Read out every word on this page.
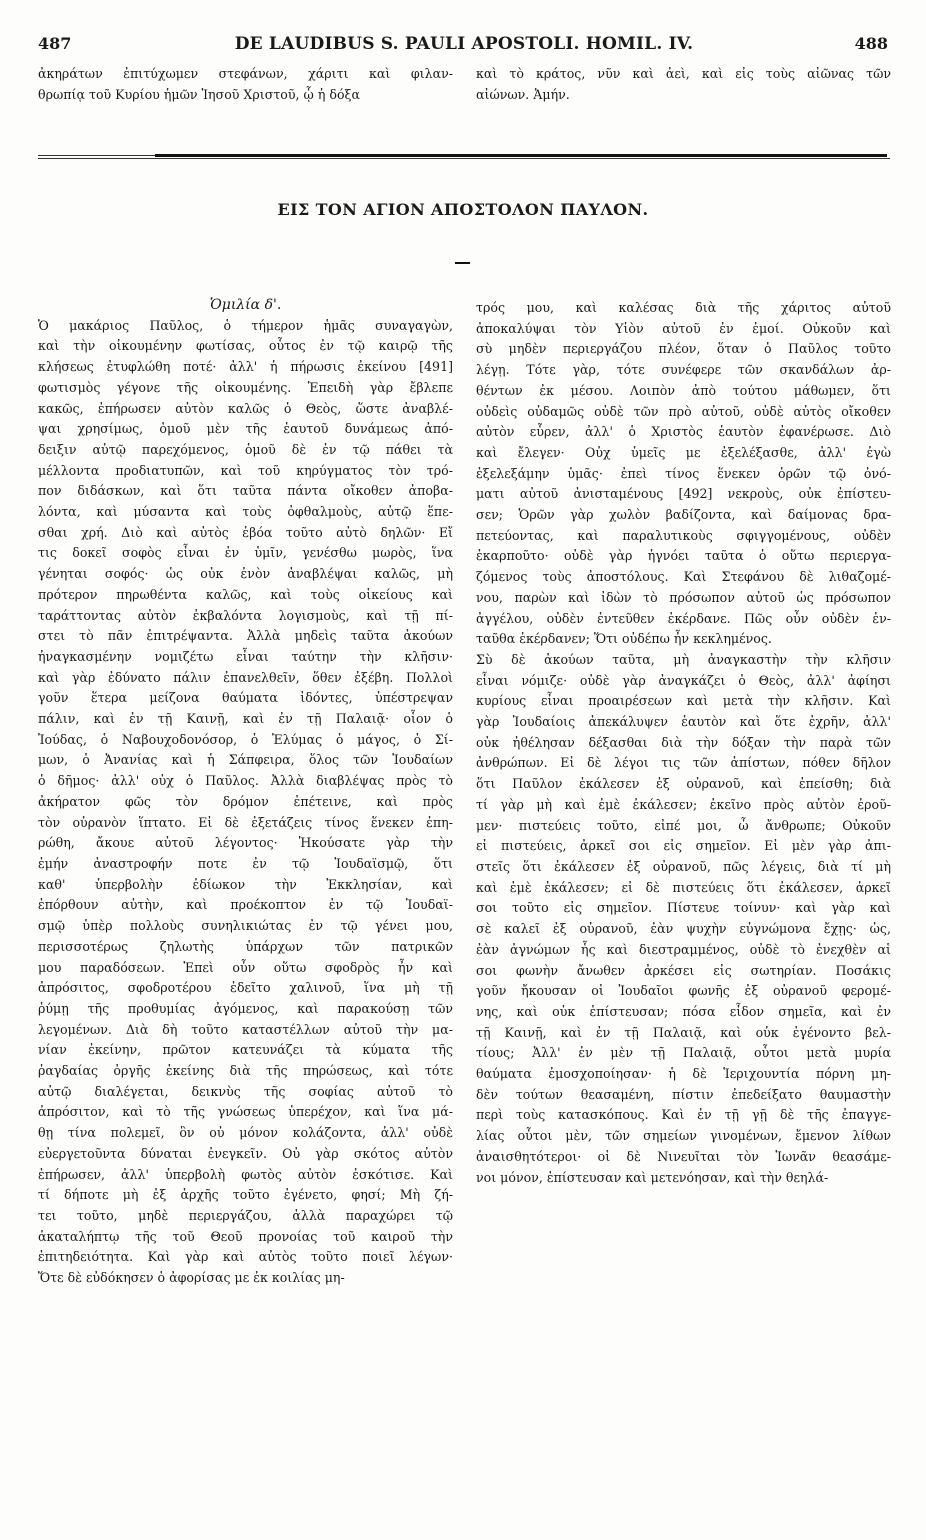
487	DE LAUDIBUS S. PAULI APOSTOLI. HOMIL. IV.	488
ἀκηράτων ἐπιτύχωμεν στεφάνων, χάριτι καὶ φιλαν-
θρωπίᾳ τοῦ Κυρίου ἡμῶν Ἰησοῦ Χριστοῦ, ᾧ ἡ δόξα
καὶ τὸ κράτος, νῦν καὶ ἀεὶ, καὶ εἰς τοὺς αἰῶνας τῶν
αἰώνων. Ἀμήν.
ΕΙΣ ΤΟΝ ΑΓΙΟΝ ΑΠΟΣΤΟΛΟΝ ΠΑΥΛΟΝ.
Ὁμιλία δ'.
Ὁ μακάριος Παῦλος, ὁ τήμερον ἡμᾶς συναγαγὼν,
καὶ τὴν οἰκουμένην φωτίσας, οὗτος ἐν τῷ καιρῷ τῆς
κλήσεως ἐτυφλώθη ποτέ· ἀλλ' ἡ πήρωσις ἐκείνου [491]
φωτισμὸς γέγονε τῆς οἰκουμένης. Ἐπειδὴ γὰρ ἔβλεπε
κακῶς, ἐπήρωσεν αὐτὸν καλῶς ὁ Θεὸς, ὥστε ἀναβλέ-
ψαι χρησίμως, ὁμοῦ μὲν τῆς ἑαυτοῦ δυνάμεως ἀπό-
δειξιν αὐτῷ παρεχόμενος, ὁμοῦ δὲ ἐν τῷ πάθει τὰ
μέλλοντα προδιατυπῶν, καὶ τοῦ κηρύγματος τὸν τρό-
πον διδάσκων, καὶ ὅτι ταῦτα πάντα οἴκοθεν ἀποβα-
λόντα, καὶ μύσαντα καὶ τοὺς ὀφθαλμοὺς, αὐτῷ ἕπε-
σθαι χρή. Διὸ καὶ αὐτὸς ἐβόα τοῦτο αὐτὸ δηλῶν· Εἴ
τις δοκεῖ σοφὸς εἶναι ἐν ὑμῖν, γενέσθω μωρὸς, ἵνα
γένηται σοφός· ὡς οὐκ ἐνὸν ἀναβλέψαι καλῶς, μὴ
πρότερον πηρωθέντα καλῶς, καὶ τοὺς οἰκείους καὶ
ταράττοντας αὐτὸν ἐκβαλόντα λογισμοὺς, καὶ τῇ πί-
στει τὸ πᾶν ἐπιτρέψαντα. Ἀλλὰ μηδεὶς ταῦτα ἀκούων
ἠναγκασμένην νομιζέτω εἶναι ταύτην τὴν κλῆσιν·
καὶ γὰρ ἐδύνατο πάλιν ἐπανελθεῖν, ὅθεν ἐξέβη. Πολλοὶ
γοῦν ἕτερα μείζονα θαύματα ἰδόντες, ὑπέστρεψαν
πάλιν, καὶ ἐν τῇ Καινῇ, καὶ ἐν τῇ Παλαιᾷ· οἷον ὁ
Ἰούδας, ὁ Ναβουχοδονόσορ, ὁ Ἐλύμας ὁ μάγος, ὁ Σί-
μων, ὁ Ἀνανίας καὶ ἡ Σάπφειρα, ὅλος τῶν Ἰουδαίων
ὁ δῆμος· ἀλλ' οὐχ ὁ Παῦλος. Ἀλλὰ διαβλέψας πρὸς τὸ
ἀκήρατον φῶς τὸν δρόμον ἐπέτεινε, καὶ πρὸς
τὸν οὐρανὸν ἵπτατο. Εἰ δὲ ἐξετάζεις τίνος ἕνεκεν ἐπη-
ρώθη, ἄκουε αὐτοῦ λέγοντος· Ἠκούσατε γὰρ τὴν
ἐμήν ἀναστροφήν ποτε ἐν τῷ Ἰουδαϊσμῷ, ὅτι
καθ' ὑπερβολὴν ἐδίωκον τὴν Ἐκκλησίαν, καὶ
ἐπόρθουν αὐτὴν, καὶ προέκοπτον ἐν τῷ Ἰουδαϊ-
σμῷ ὑπὲρ πολλοὺς συνηλικιώτας ἐν τῷ γένει μου,
περισσοτέρως ζηλωτὴς ὑπάρχων τῶν πατρικῶν
μου παραδόσεων. Ἐπεὶ οὖν οὕτω σφοδρὸς ἦν καὶ
ἀπρόσιτος, σφοδροτέρου ἐδεῖτο χαλινοῦ, ἵνα μὴ τῇ
ῥύμῃ τῆς προθυμίας ἀγόμενος, καὶ παρακούσῃ τῶν
λεγομένων. Διὰ δὴ τοῦτο καταστέλλων αὐτοῦ τὴν μα-
νίαν ἐκείνην, πρῶτον κατευνάζει τὰ κύματα τῆς
ῥαγδαίας ὀργῆς ἐκείνης διὰ τῆς πηρώσεως, καὶ τότε
αὐτῷ διαλέγεται, δεικνὺς τῆς σοφίας αὐτοῦ τὸ
ἀπρόσιτον, καὶ τὸ τῆς γνώσεως ὑπερέχον, καὶ ἵνα μά-
θῃ τίνα πολεμεῖ, ὃν οὐ μόνον κολάζοντα, ἀλλ' οὐδὲ
εὐεργετοῦντα δύναται ἐνεγκεῖν. Οὐ γὰρ σκότος αὐτὸν
ἐπήρωσεν, ἀλλ' ὑπερβολὴ φωτὸς αὐτὸν ἐσκότισε. Καὶ
τί δήποτε μὴ ἐξ ἀρχῆς τοῦτο ἐγένετο, φησί; Μὴ ζή-
τει τοῦτο, μηδὲ περιεργάζου, ἀλλὰ παραχώρει τῷ
ἀκαταλήπτῳ τῆς τοῦ Θεοῦ προνοίας τοῦ καιροῦ τὴν
ἐπιτηδειότητα. Καὶ γὰρ καὶ αὐτὸς τοῦτο ποιεῖ λέγων·
Ὅτε δὲ εὐδόκησεν ὁ ἀφορίσας με ἐκ κοιλίας μη-
τρός μου, καὶ καλέσας διὰ τῆς χάριτος αὐτοῦ
ἀποκαλύψαι τὸν Υἱὸν αὐτοῦ ἐν ἐμοί. Οὐκοῦν καὶ
σὺ μηδὲν περιεργάζου πλέον, ὅταν ὁ Παῦλος τοῦτο
λέγῃ. Τότε γὰρ, τότε συνέφερε τῶν σκανδάλων ἀρ-
θέντων ἐκ μέσου. Λοιπὸν ἀπὸ τούτου μάθωμεν, ὅτι
οὐδεὶς οὐδαμῶς οὐδὲ τῶν πρὸ αὐτοῦ, οὐδὲ αὐτὸς οἴκοθεν
αὐτὸν εὗρεν, ἀλλ' ὁ Χριστὸς ἑαυτὸν ἐφανέρωσε. Διὸ
καὶ ἔλεγεν· Οὐχ ὑμεῖς με ἐξελέξασθε, ἀλλ' ἐγὼ
ἐξελεξάμην ὑμᾶς· ἐπεὶ τίνος ἕνεκεν ὁρῶν τῷ ὀνό-
ματι αὐτοῦ ἀνισταμένους [492] νεκροὺς, οὐκ ἐπίστευ-
σεν; Ὁρῶν γὰρ χωλὸν βαδίζοντα, καὶ δαίμονας δρα-
πετεύοντας, καὶ παραλυτικοὺς σφιγγομένους, οὐδὲν
ἐκαρποῦτο· οὐδὲ γὰρ ἠγνόει ταῦτα ὁ οὕτω περιεργα-
ζόμενος τοὺς ἀποστόλους. Καὶ Στεφάνου δὲ λιθαζομέ-
νου, παρὼν καὶ ἰδὼν τὸ πρόσωπον αὐτοῦ ὡς πρόσωπον
ἀγγέλου, οὐδὲν ἐντεῦθεν ἐκέρδανε. Πῶς οὖν οὐδὲν ἐν-
ταῦθα ἐκέρδανεν; Ὅτι οὐδέπω ἦν κεκλημένος.
Σὺ δὲ ἀκούων ταῦτα, μὴ ἀναγκαστὴν τὴν κλῆσιν
εἶναι νόμιζε· οὐδὲ γὰρ ἀναγκάζει ὁ Θεὸς, ἀλλ' ἀφίησι
κυρίους εἶναι προαιρέσεων καὶ μετὰ τὴν κλῆσιν. Καὶ
γὰρ Ἰουδαίοις ἀπεκάλυψεν ἑαυτὸν καὶ ὅτε ἐχρῆν, ἀλλ'
οὐκ ἠθέλησαν δέξασθαι διὰ τὴν δόξαν τὴν παρὰ τῶν
ἀνθρώπων. Εἰ δὲ λέγοι τις τῶν ἀπίστων, πόθεν δῆλον
ὅτι Παῦλον ἐκάλεσεν ἐξ οὐρανοῦ, καὶ ἐπείσθη; διὰ
τί γὰρ μὴ καὶ ἐμὲ ἐκάλεσεν; ἐκεῖνο πρὸς αὐτὸν ἐροῦ-
μεν· πιστεύεις τοῦτο, εἰπέ μοι, ὦ ἄνθρωπε; Οὐκοῦν
εἰ πιστεύεις, ἀρκεῖ σοι εἰς σημεῖον. Εἰ μὲν γὰρ ἀπι-
στεῖς ὅτι ἐκάλεσεν ἐξ οὐρανοῦ, πῶς λέγεις, διὰ τί μὴ
καὶ ἐμὲ ἐκάλεσεν; εἰ δὲ πιστεύεις ὅτι ἐκάλεσεν, ἀρκεῖ
σοι τοῦτο εἰς σημεῖον. Πίστευε τοίνυν· καὶ γὰρ καὶ
σὲ καλεῖ ἐξ οὐρανοῦ, ἐὰν ψυχὴν εὐγνώμονα ἔχῃς· ὡς,
ἐὰν ἀγνώμων ἧς καὶ διεστραμμένος, οὐδὲ τὸ ἐνεχθὲν αἱ
σοι φωνὴν ἄνωθεν ἀρκέσει εἰς σωτηρίαν. Ποσάκις
γοῦν ἤκουσαν οἱ Ἰουδαῖοι φωνῆς ἐξ οὐρανοῦ φερομέ-
νης, καὶ οὐκ ἐπίστευσαν; πόσα εἶδον σημεῖα, καὶ ἐν
τῇ Καινῇ, καὶ ἐν τῇ Παλαιᾷ, καὶ οὐκ ἐγένοντο βελ-
τίους; Ἀλλ' ἐν μὲν τῇ Παλαιᾷ, οὗτοι μετὰ μυρία
θαύματα ἐμοσχοποίησαν· ἡ δὲ Ἱεριχουντία πόρνη μη-
δὲν τούτων θεασαμένη, πίστιν ἐπεδείξατο θαυμαστὴν
περὶ τοὺς κατασκόπους. Καὶ ἐν τῇ γῇ δὲ τῆς ἐπαγγε-
λίας οὗτοι μὲν, τῶν σημείων γινομένων, ἔμενον λίθων
ἀναισθητότεροι· οἱ δὲ Νινευῖται τὸν Ἰωνᾶν θεασάμε-
νοι μόνον, ἐπίστευσαν καὶ μετενόησαν, καὶ τὴν θεηλά-
